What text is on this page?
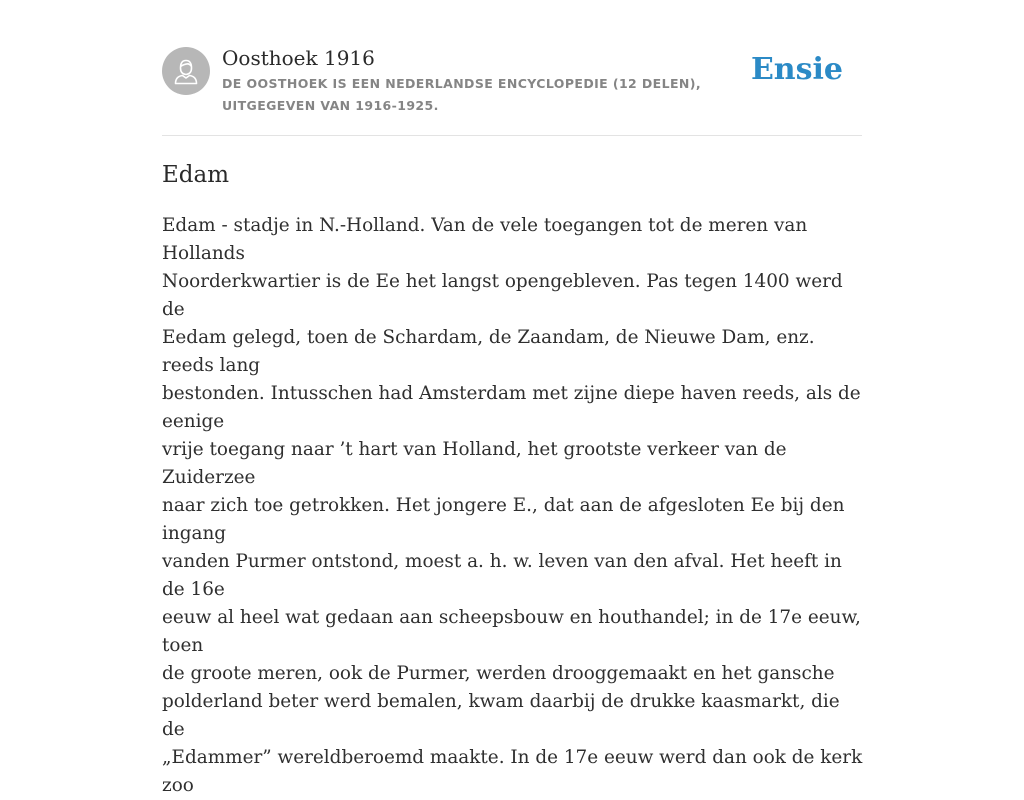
Oosthoek 1916
DE OOSTHOEK IS EEN NEDERLANDSE ENCYCLOPEDIE (12 DELEN), UITGEGEVEN VAN 1916-1925.
Ensie
Edam
Edam - stadje in N.-Holland. Van de vele toegangen tot de meren van Hollands
Noorderkwartier is de Ee het langst opengebleven. Pas tegen 1400 werd de
Eedam gelegd, toen de Schardam, de Zaandam, de Nieuwe Dam, enz. reeds lang
bestonden. Intusschen had Amsterdam met zijne diepe haven reeds, als de eenige
vrije toegang naar ’t hart van Holland, het grootste verkeer van de Zuiderzee
naar zich toe getrokken. Het jongere E., dat aan de afgesloten Ee bij den ingang
vanden Purmer ontstond, moest a. h. w. leven van den afval. Het heeft in de 16e
eeuw al heel wat gedaan aan scheepsbouw en houthandel; in de 17e eeuw, toen
de groote meren, ook de Purmer, werden drooggemaakt en het gansche
polderland beter werd bemalen, kwam daarbij de drukke kaasmarkt, die de
„Edammer” wereldberoemd maakte. In de 17e eeuw werd dan ook de kerk zoo
